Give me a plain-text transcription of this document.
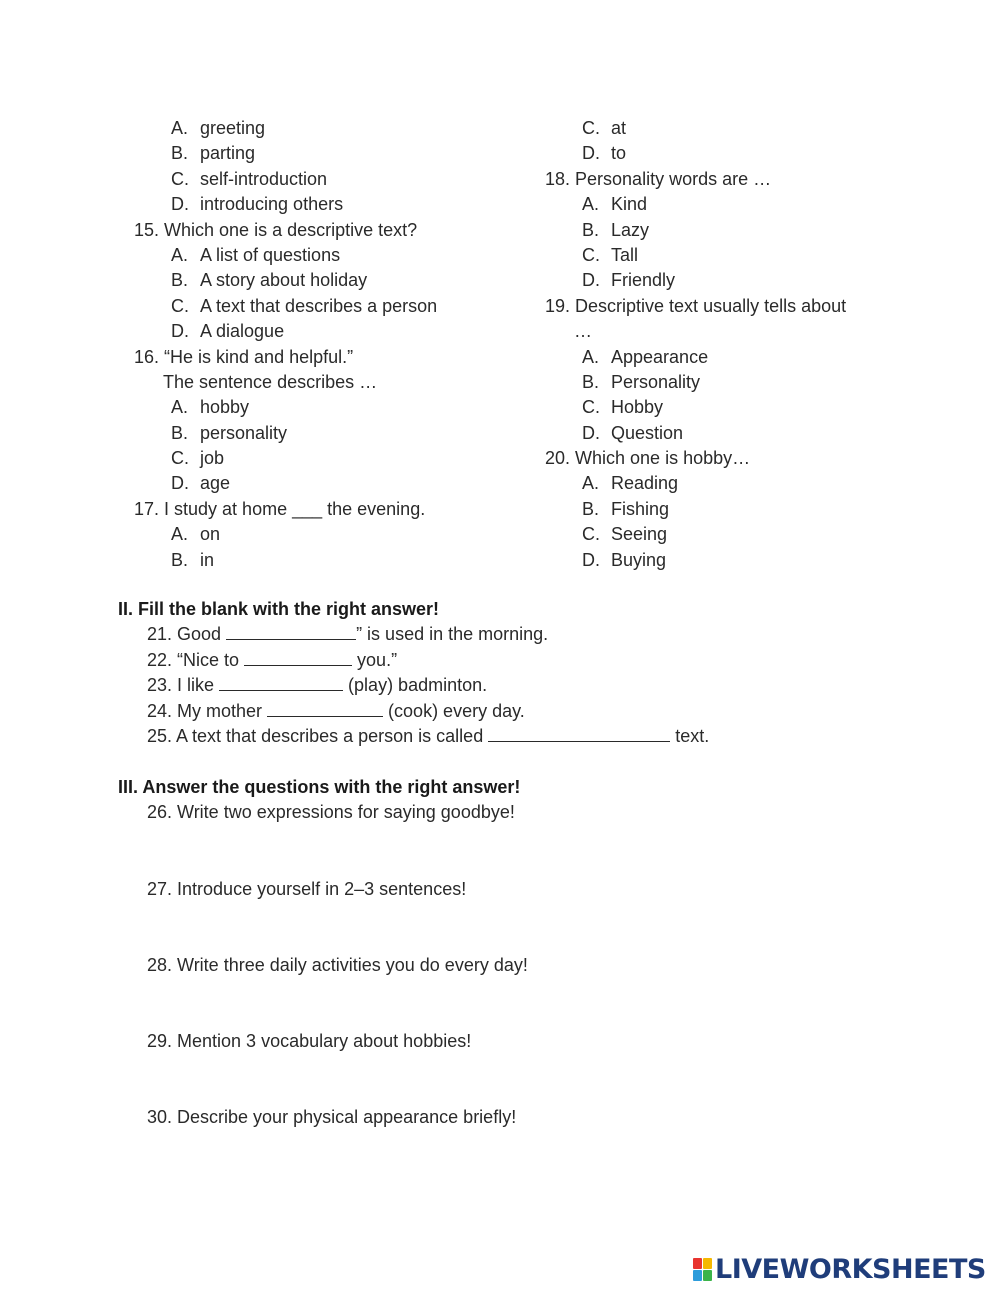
A. greeting
B. parting
C. self-introduction
D. introducing others
15. Which one is a descriptive text?
A. A list of questions
B. A story about holiday
C. A text that describes a person
D. A dialogue
16. “He is kind and helpful.”
The sentence describes …
A. hobby
B. personality
C. job
D. age
17. I study at home ___ the evening.
A. on
B. in
C. at
D. to
18. Personality words are …
A. Kind
B. Lazy
C. Tall
D. Friendly
19. Descriptive text usually tells about
…
A. Appearance
B. Personality
C. Hobby
D. Question
20. Which one is hobby…
A. Reading
B. Fishing
C. Seeing
D. Buying
II. Fill the blank with the right answer!
21. Good	” is used in the morning.
22. “Nice to	you.”
23. I like	(play) badminton.
24. My mother	(cook) every day.
25. A text that describes a person is called	text.
III. Answer the questions with the right answer!
26. Write two expressions for saying goodbye!
27. Introduce yourself in 2–3 sentences!
28. Write three daily activities you do every day!
29. Mention 3 vocabulary about hobbies!
30. Describe your physical appearance briefly!
LIVEWORKSHEETS
